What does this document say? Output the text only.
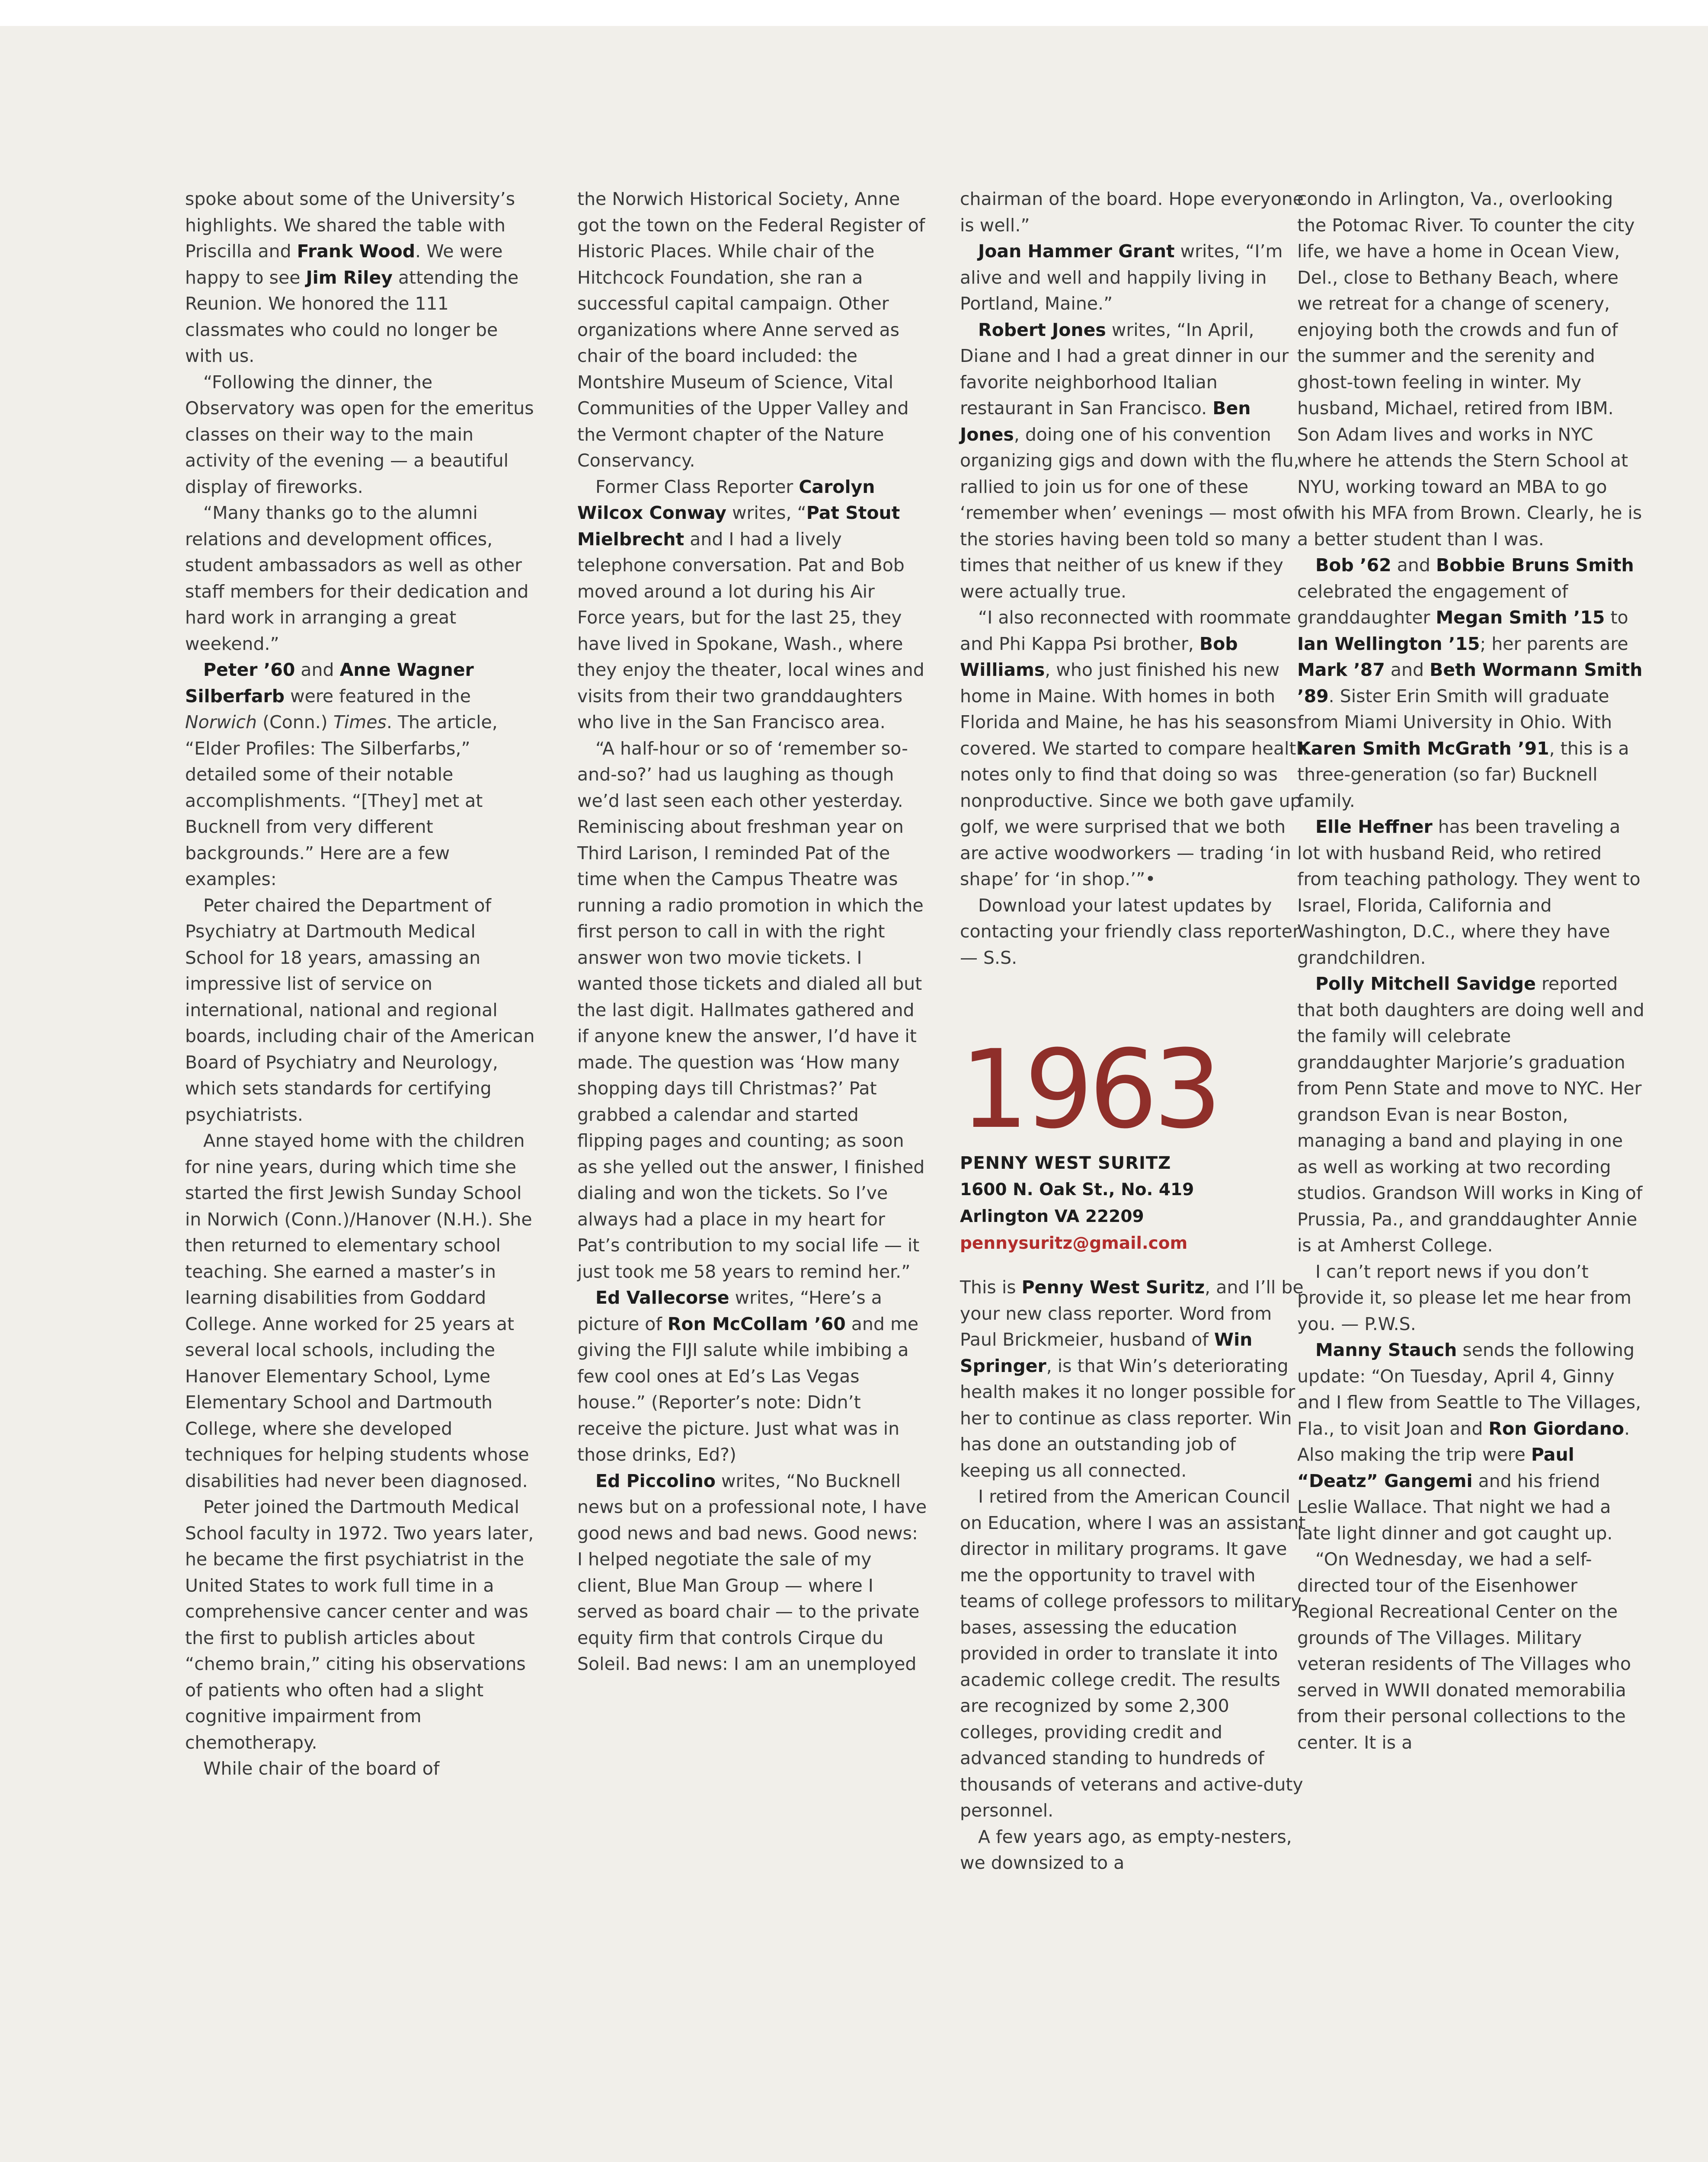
spoke about some of the University’s highlights. We shared the table with Priscilla and Frank Wood. We were happy to see Jim Riley attending the Reunion. We honored the 111 classmates who could no longer be with us.

“Following the dinner, the Observatory was open for the emeritus classes on their way to the main activity of the evening — a beautiful display of fireworks.

“Many thanks go to the alumni relations and development offices, student ambassadors as well as other staff members for their dedication and hard work in arranging a great weekend.”

Peter ’60 and Anne Wagner Silberfarb were featured in the Norwich (Conn.) Times. The article, “Elder Profiles: The Silberfarbs,” detailed some of their notable accomplishments. “[They] met at Bucknell from very different backgrounds.” Here are a few examples:

Peter chaired the Department of Psychiatry at Dartmouth Medical School for 18 years, amassing an impressive list of service on international, national and regional boards, including chair of the American Board of Psychiatry and Neurology, which sets standards for certifying psychiatrists.

Anne stayed home with the children for nine years, during which time she started the first Jewish Sunday School in Norwich (Conn.)/Hanover (N.H.). She then returned to elementary school teaching. She earned a master’s in learning disabilities from Goddard College. Anne worked for 25 years at several local schools, including the Hanover Elementary School, Lyme Elementary School and Dartmouth College, where she developed techniques for helping students whose disabilities had never been diagnosed.

Peter joined the Dartmouth Medical School faculty in 1972. Two years later, he became the first psychiatrist in the United States to work full time in a comprehensive cancer center and was the first to publish articles about “chemo brain,” citing his observations of patients who often had a slight cognitive impairment from chemotherapy.

While chair of the board of

the Norwich Historical Society, Anne got the town on the Federal Register of Historic Places. While chair of the Hitchcock Foundation, she ran a successful capital campaign. Other organizations where Anne served as chair of the board included: the Montshire Museum of Science, Vital Communities of the Upper Valley and the Vermont chapter of the Nature Conservancy.

Former Class Reporter Carolyn Wilcox Conway writes, “Pat Stout Mielbrecht and I had a lively telephone conversation. Pat and Bob moved around a lot during his Air Force years, but for the last 25, they have lived in Spokane, Wash., where they enjoy the theater, local wines and visits from their two granddaughters who live in the San Francisco area.

“A half-hour or so of ‘remember so-and-so?’ had us laughing as though we’d last seen each other yesterday. Reminiscing about freshman year on Third Larison, I reminded Pat of the time when the Campus Theatre was running a radio promotion in which the first person to call in with the right answer won two movie tickets. I wanted those tickets and dialed all but the last digit. Hallmates gathered and if anyone knew the answer, I’d have it made. The question was ‘How many shopping days till Christmas?’ Pat grabbed a calendar and started flipping pages and counting; as soon as she yelled out the answer, I finished dialing and won the tickets. So I’ve always had a place in my heart for Pat’s contribution to my social life — it just took me 58 years to remind her.”

Ed Vallecorse writes, “Here’s a picture of Ron McCollam ’60 and me giving the FIJI salute while imbibing a few cool ones at Ed’s Las Vegas house.” (Reporter’s note: Didn’t receive the picture. Just what was in those drinks, Ed?)

Ed Piccolino writes, “No Bucknell news but on a professional note, I have good news and bad news. Good news: I helped negotiate the sale of my client, Blue Man Group — where I served as board chair — to the private equity firm that controls Cirque du Soleil. Bad news: I am an unemployed

chairman of the board. Hope everyone is well.”

Joan Hammer Grant writes, “I’m alive and well and happily living in Portland, Maine.”

Robert Jones writes, “In April, Diane and I had a great dinner in our favorite neighborhood Italian restaurant in San Francisco. Ben Jones, doing one of his convention organizing gigs and down with the flu, rallied to join us for one of these ‘remember when’ evenings — most of the stories having been told so many times that neither of us knew if they were actually true.

“I also reconnected with roommate and Phi Kappa Psi brother, Bob Williams, who just finished his new home in Maine. With homes in both Florida and Maine, he has his seasons covered. We started to compare health notes only to find that doing so was nonproductive. Since we both gave up golf, we were surprised that we both are active woodworkers — trading ‘in shape’ for ‘in shop.’”•

Download your latest updates by contacting your friendly class reporter. — S.S.

1963
PENNY WEST SURITZ
1600 N. Oak St., No. 419
Arlington VA 22209
pennysuritz@gmail.com

This is Penny West Suritz, and I’ll be your new class reporter. Word from Paul Brickmeier, husband of Win Springer, is that Win’s deteriorating health makes it no longer possible for her to continue as class reporter. Win has done an outstanding job of keeping us all connected.

I retired from the American Council on Education, where I was an assistant director in military programs. It gave me the opportunity to travel with teams of college professors to military bases, assessing the education provided in order to translate it into academic college credit. The results are recognized by some 2,300 colleges, providing credit and advanced standing to hundreds of thousands of veterans and active-duty personnel.

A few years ago, as empty-nesters, we downsized to a

condo in Arlington, Va., overlooking the Potomac River. To counter the city life, we have a home in Ocean View, Del., close to Bethany Beach, where we retreat for a change of scenery, enjoying both the crowds and fun of the summer and the serenity and ghost-town feeling in winter. My husband, Michael, retired from IBM. Son Adam lives and works in NYC where he attends the Stern School at NYU, working toward an MBA to go with his MFA from Brown. Clearly, he is a better student than I was.

Bob ’62 and Bobbie Bruns Smith celebrated the engagement of granddaughter Megan Smith ’15 to Ian Wellington ’15; her parents are Mark ’87 and Beth Wormann Smith ’89. Sister Erin Smith will graduate from Miami University in Ohio. With Karen Smith McGrath ’91, this is a three-generation (so far) Bucknell family.

Elle Heffner has been traveling a lot with husband Reid, who retired from teaching pathology. They went to Israel, Florida, California and Washington, D.C., where they have grandchildren.

Polly Mitchell Savidge reported that both daughters are doing well and the family will celebrate granddaughter Marjorie’s graduation from Penn State and move to NYC. Her grandson Evan is near Boston, managing a band and playing in one as well as working at two recording studios. Grandson Will works in King of Prussia, Pa., and granddaughter Annie is at Amherst College.

I can’t report news if you don’t provide it, so please let me hear from you. — P.W.S.

Manny Stauch sends the following update: “On Tuesday, April 4, Ginny and I flew from Seattle to The Villages, Fla., to visit Joan and Ron Giordano. Also making the trip were Paul “Deatz” Gangemi and his friend Leslie Wallace. That night we had a late light dinner and got caught up.

“On Wednesday, we had a self-directed tour of the Eisenhower Regional Recreational Center on the grounds of The Villages. Military veteran residents of The Villages who served in WWII donated memorabilia from their personal collections to the center. It is a
